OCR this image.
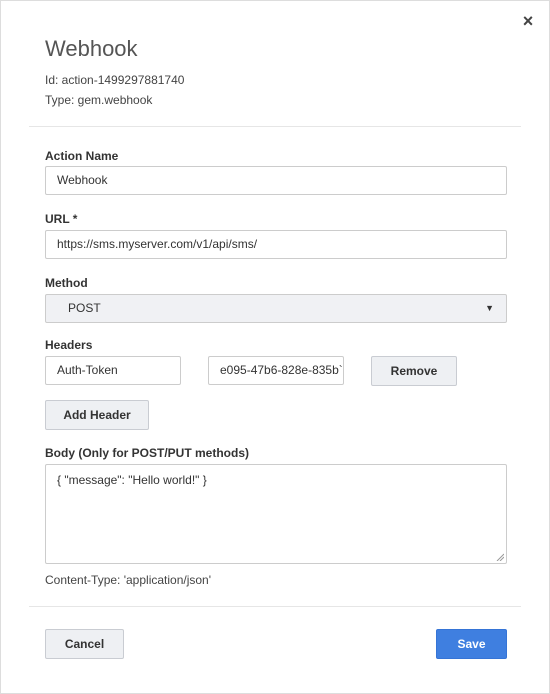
×
Webhook
Id: action-1499297881740
Type: gem.webhook
Action Name
Webhook
URL *
https://sms.myserver.com/v1/api/sms/
Method
POST	▼
Headers
Auth-Token	e095-47b6-828e-835b`	Remove
Add Header
Body (Only for POST/PUT methods)
{ "message": "Hello world!" }
Content-Type: 'application/json'
Cancel	Save
